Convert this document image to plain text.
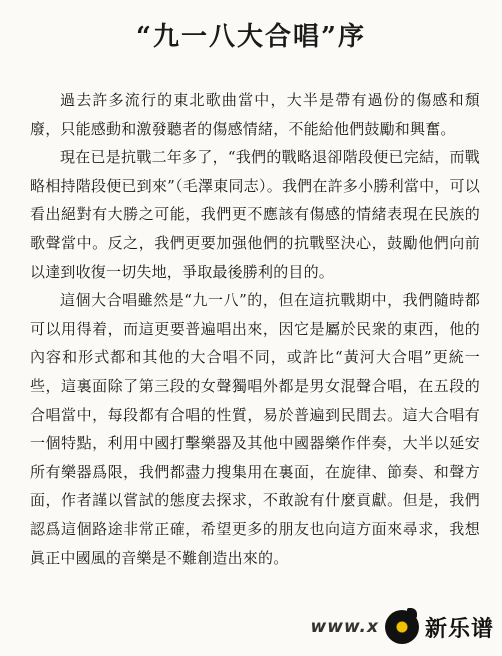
“九一八大合唱”序

過去許多流行的東北歌曲當中，大半是帶有過份的傷感和頹廢，只能感動和激發聽者的傷感情緒，不能給他們鼓勵和興奮。

現在已是抗戰二年多了，“我們的戰略退卻階段便已完結，而戰略相持階段便已到來”（毛澤東同志）。我們在許多小勝利當中，可以看出絕對有大勝之可能，我們更不應該有傷感的情緒表現在民族的歌聲當中。反之，我們更要加强他們的抗戰堅決心，鼓勵他們向前以達到收復一切失地，爭取最後勝利的目的。

這個大合唱雖然是“九一八”的，但在這抗戰期中，我們隨時都可以用得着，而這更要普遍唱出來，因它是屬於民衆的東西，他的內容和形式都和其他的大合唱不同，或許比“黃河大合唱”更統一些，這裏面除了第三段的女聲獨唱外都是男女混聲合唱，在五段的合唱當中，每段都有合唱的性質，易於普遍到民間去。這大合唱有一個特點，利用中國打擊樂器及其他中國器樂作伴奏，大半以延安所有樂器爲限，我們都盡力搜集用在裏面，在旋律、節奏、和聲方面，作者謹以嘗試的態度去探求，不敢說有什麼貢獻。但是，我們認爲這個路途非常正確，希望更多的朋友也向這方面來尋求，我想眞正中國風的音樂是不難創造出來的。

www.x 新乐谱
